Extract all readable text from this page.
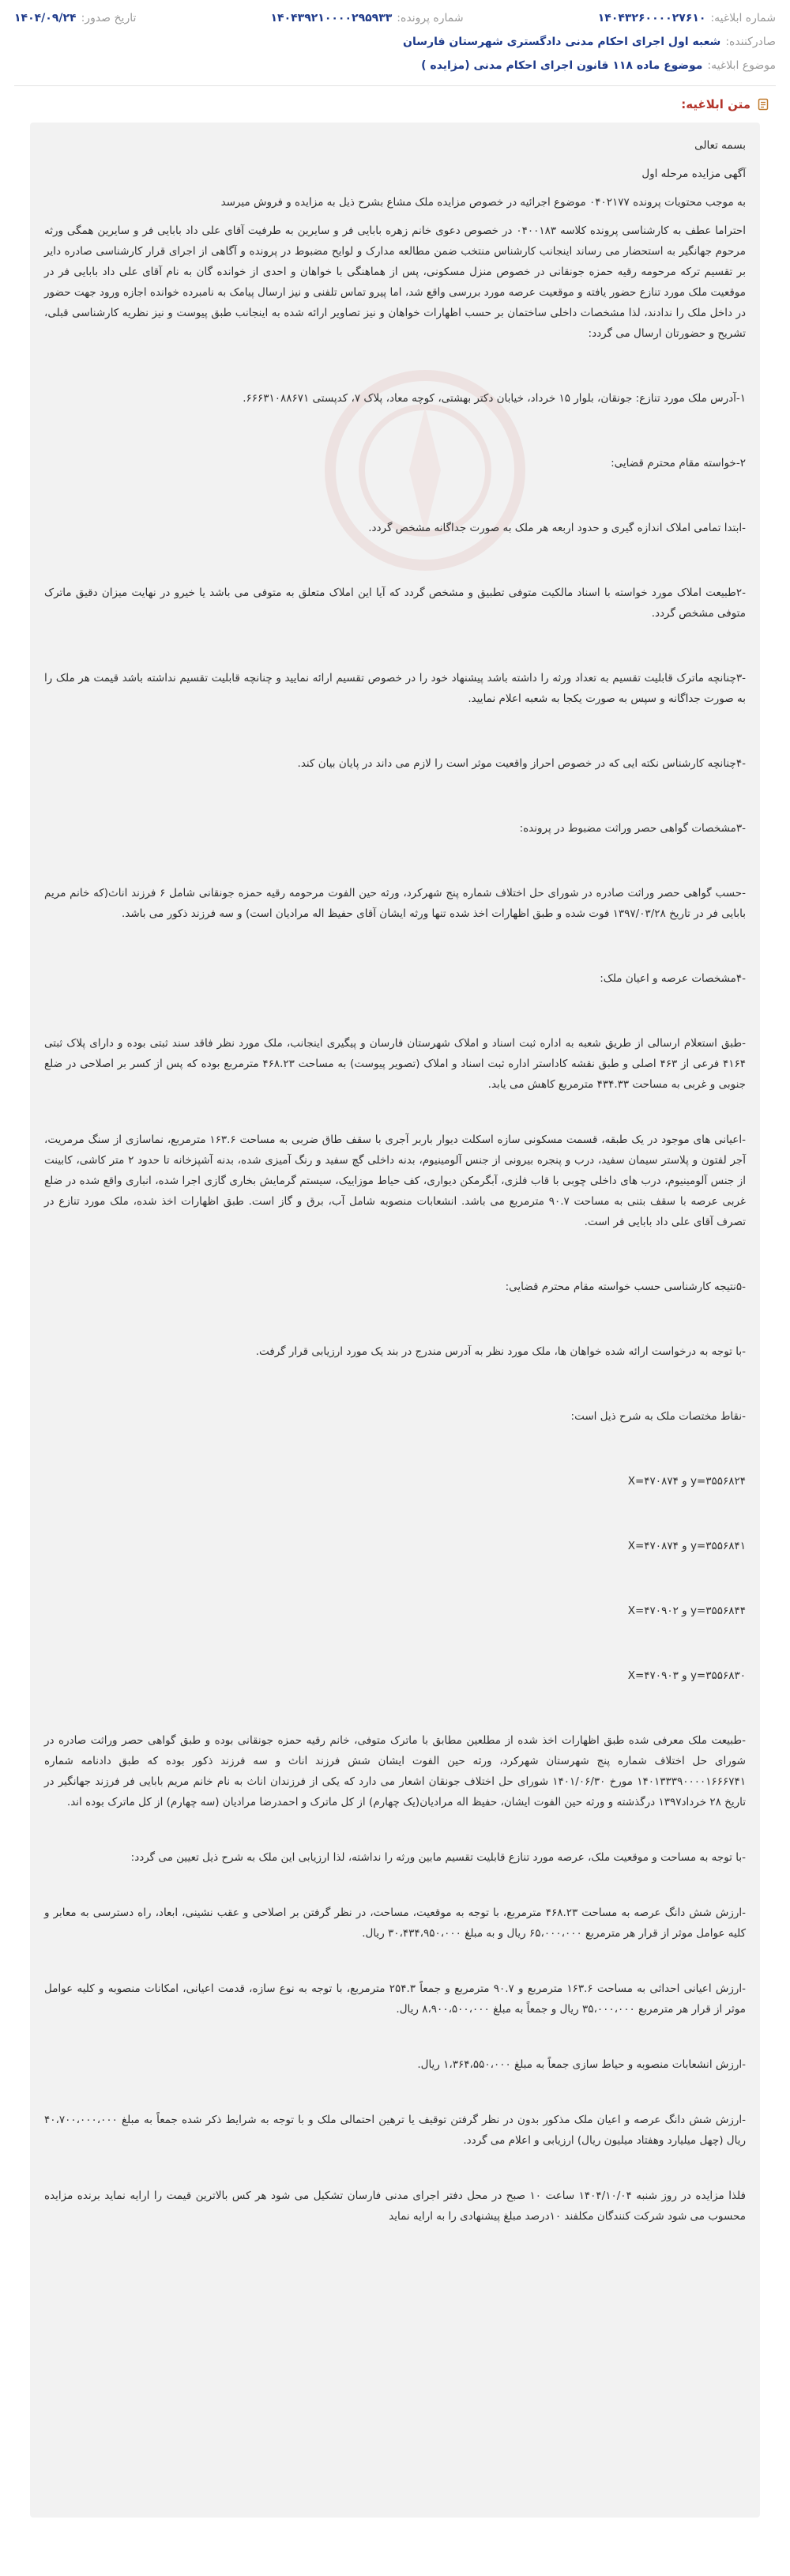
شماره ابلاغیه:
۱۴۰۴۳۲۶۰۰۰۰۲۷۶۱۰
شماره پرونده:
۱۴۰۴۳۹۲۱۰۰۰۰۲۹۵۹۳۳
تاریخ صدور:
۱۴۰۴/۰۹/۲۴
صادرکننده:
شعبه اول اجرای احکام مدنی دادگستری شهرستان فارسان
موضوع ابلاغیه:
موضوع ماده ۱۱۸ قانون اجرای احکام مدنی (مزایده )
متن ابلاغیه:

بسمه تعالی

آگهی مزایده مرحله اول

به موجب محتویات پرونده ۰۴۰۲۱۷۷ موضوع اجرائیه در خصوص مزایده ملک مشاع بشرح ذیل به مزایده و فروش میرسد

احتراما عطف به کارشناسی پرونده کلاسه ۰۴۰۰۱۸۳ در خصوص دعوی خانم زهره بابایی فر و سایرین به طرفیت آقای علی داد بابایی فر و سایرین همگی ورثه مرحوم جهانگیر به استحضار می رساند اینجانب کارشناس منتخب ضمن مطالعه مدارک و لوایح مضبوط در پرونده و آگاهی از اجرای قرار کارشناسی صادره دایر بر تقسیم ترکه مرحومه رقیه حمزه جونقانی در خصوص منزل مسکونی، پس از هماهنگی با خواهان و احدی از خوانده گان به نام آقای علی داد بابایی فر در موقعیت ملک مورد تنازع حضور یافته و موقعیت عرصه مورد بررسی واقع شد، اما پیرو تماس تلفنی و نیز ارسال پیامک به نامبرده خوانده اجازه ورود جهت حضور در داخل ملک را ندادند، لذا مشخصات داخلی ساختمان بر حسب اظهارات خواهان و نیز تصاویر ارائه شده به اینجانب طبق پیوست و نیز نظریه کارشناسی قبلی، تشریح و حضورتان ارسال می گردد:

۱-آدرس ملک مورد تنازع: جونقان، بلوار ۱۵ خرداد، خیابان دکتر بهشتی، کوچه معاد، پلاک ۷، کدپستی ۶۶۶۳۱۰۸۸۶۷۱.

۲-خواسته مقام محترم قضایی:

-ابتدا تمامی املاک اندازه گیری و حدود اربعه هر ملک به صورت جداگانه مشخص گردد.

-۲طبیعت املاک مورد خواسته با اسناد مالکیت متوفی تطبیق و مشخص گردد که آیا این املاک متعلق به متوفی می باشد یا خیرو در نهایت میزان دقیق ماترک متوفی مشخص گردد.

-۳چنانچه ماترک قابلیت تقسیم به تعداد ورثه را داشته باشد پیشنهاد خود را در خصوص تقسیم ارائه نمایید و چنانچه قابلیت تقسیم نداشته باشد قیمت هر ملک را به صورت جداگانه و سپس به صورت یکجا به شعبه اعلام نمایید.

-۴چنانچه کارشناس نکته ایی که در خصوص احراز واقعیت موثر است را لازم می داند در پایان بیان کند.

-۳مشخصات گواهی حصر وراثت مضبوط در پرونده:

-حسب گواهی حصر وراثت صادره در شورای حل اختلاف شماره پنج شهرکرد، ورثه حین الفوت مرحومه رقیه حمزه جونقانی شامل ۶ فرزند اناث(که خانم مریم بابایی فر در تاریخ ۱۳۹۷/۰۳/۲۸ فوت شده و طبق اظهارات اخذ شده تنها ورثه ایشان آقای حفیظ اله مرادیان است) و سه فرزند ذکور می باشد.

-۴مشخصات عرصه و اعیان ملک:

-طبق استعلام ارسالی از طریق شعبه به اداره ثبت اسناد و املاک شهرستان فارسان و پیگیری اینجانب، ملک مورد نظر فاقد سند ثبتی بوده و دارای پلاک ثبتی ۴۱۶۴ فرعی از ۴۶۳ اصلی و طبق نقشه کاداستر اداره ثبت اسناد و املاک (تصویر پیوست) به مساحت ۴۶۸.۲۳ مترمربع بوده که پس از کسر بر اصلاحی در ضلع جنوبی و غربی به مساحت ۴۳۴.۳۳ مترمربع کاهش می یابد.

-اعیانی های موجود در یک طبقه، قسمت مسکونی سازه اسکلت دیوار باربر آجری با سقف طاق ضربی به مساحت ۱۶۳.۶ مترمربع، نماسازی از سنگ مرمریت، آجر لفتون و پلاستر سیمان سفید، درب و پنجره بیرونی از جنس آلومینیوم، بدنه داخلی گچ سفید و رنگ آمیزی شده، بدنه آشپزخانه تا حدود ۲ متر کاشی، کابینت از جنس آلومینیوم، درب های داخلی چوبی با قاب فلزی، آبگرمکن دیواری، کف حیاط موزاییک، سیستم گرمایش بخاری گازی اجرا شده، انباری واقع شده در ضلع غربی عرصه با سقف بتنی به مساحت ۹۰.۷ مترمربع می باشد. انشعابات منصوبه شامل آب، برق و گاز است. طبق اظهارات اخذ شده، ملک مورد تنازع در تصرف آقای علی داد بابایی فر است.

-۵نتیجه کارشناسی حسب خواسته مقام محترم قضایی:

-با توجه به درخواست ارائه شده خواهان ها، ملک مورد نظر به آدرس مندرج در بند یک مورد ارزیابی قرار گرفت.

-نقاط مختصات ملک به شرح ذیل است:

y=۳۵۵۶۸۲۴ و X=۴۷۰۸۷۴

y=۳۵۵۶۸۴۱ و X=۴۷۰۸۷۴

y=۳۵۵۶۸۴۴ و X=۴۷۰۹۰۲

y=۳۵۵۶۸۳۰ و X=۴۷۰۹۰۳

-طبیعت ملک معرفی شده طبق اظهارات اخذ شده از مطلعین مطابق با ماترک متوفی، خانم رقیه حمزه جونقانی بوده و طبق گواهی حصر وراثت صادره در شورای حل اختلاف شماره پنج شهرستان شهرکرد، ورثه حین الفوت ایشان شش فرزند اناث و سه فرزند ذکور بوده که طبق دادنامه شماره ۱۴۰۱۳۳۳۹۰۰۰۰۱۶۶۶۷۴۱ مورخ ۱۴۰۱/۰۶/۳۰ شورای حل اختلاف جونقان اشعار می دارد که یکی از فرزندان اناث به نام خانم مریم بابایی فر فرزند جهانگیر در تاریخ ۲۸ خرداد۱۳۹۷ درگذشته و ورثه حین الفوت ایشان، حفیظ اله مرادیان(یک چهارم) از کل ماترک و احمدرضا مرادیان (سه چهارم) از کل ماترک بوده اند.

-با توجه به مساحت و موقعیت ملک، عرصه مورد تنازع قابلیت تقسیم مابین ورثه را نداشته، لذا ارزیابی این ملک به شرح ذیل تعیین می گردد:

-ارزش شش دانگ عرصه به مساحت ۴۶۸.۲۳ مترمربع، با توجه به موقعیت، مساحت، در نظر گرفتن بر اصلاحی و عقب نشینی، ابعاد، راه دسترسی به معابر و کلیه عوامل موثر از قرار هر مترمربع ۶۵،۰۰۰،۰۰۰ ریال و به مبلغ ۳۰،۴۳۴،۹۵۰،۰۰۰ ریال.

-ارزش اعیانی احداثی به مساحت ۱۶۳.۶ مترمربع و ۹۰.۷ مترمربع و جمعاً ۲۵۴.۳ مترمربع، با توجه به نوع سازه، قدمت اعیانی، امکانات منصوبه و کلیه عوامل موثر از قرار هر مترمربع ۳۵،۰۰۰،۰۰۰ ریال و جمعاً به مبلغ ۸،۹۰۰،۵۰۰،۰۰۰ ریال.

-ارزش انشعابات منصوبه و حیاط سازی جمعاً به مبلغ ۱،۳۶۴،۵۵۰،۰۰۰ ریال.

-ارزش شش دانگ عرصه و اعیان ملک مذکور بدون در نظر گرفتن توقیف یا ترهین احتمالی ملک و با توجه به شرایط ذکر شده جمعاً به مبلغ ۴۰،۷۰۰،۰۰۰،۰۰۰ ریال (چهل میلیارد وهفتاد میلیون ریال) ارزیابی و اعلام می گردد.

فلذا مزایده در روز شنبه ۱۴۰۴/۱۰/۰۴ ساعت ۱۰ صبح در محل دفتر اجرای مدنی فارسان تشکیل می شود هر کس بالاترین قیمت را ارایه نماید برنده مزایده محسوب می شود شرکت کنندگان مکلفند ۱۰درصد مبلغ پیشنهادی را به ارایه نماید
